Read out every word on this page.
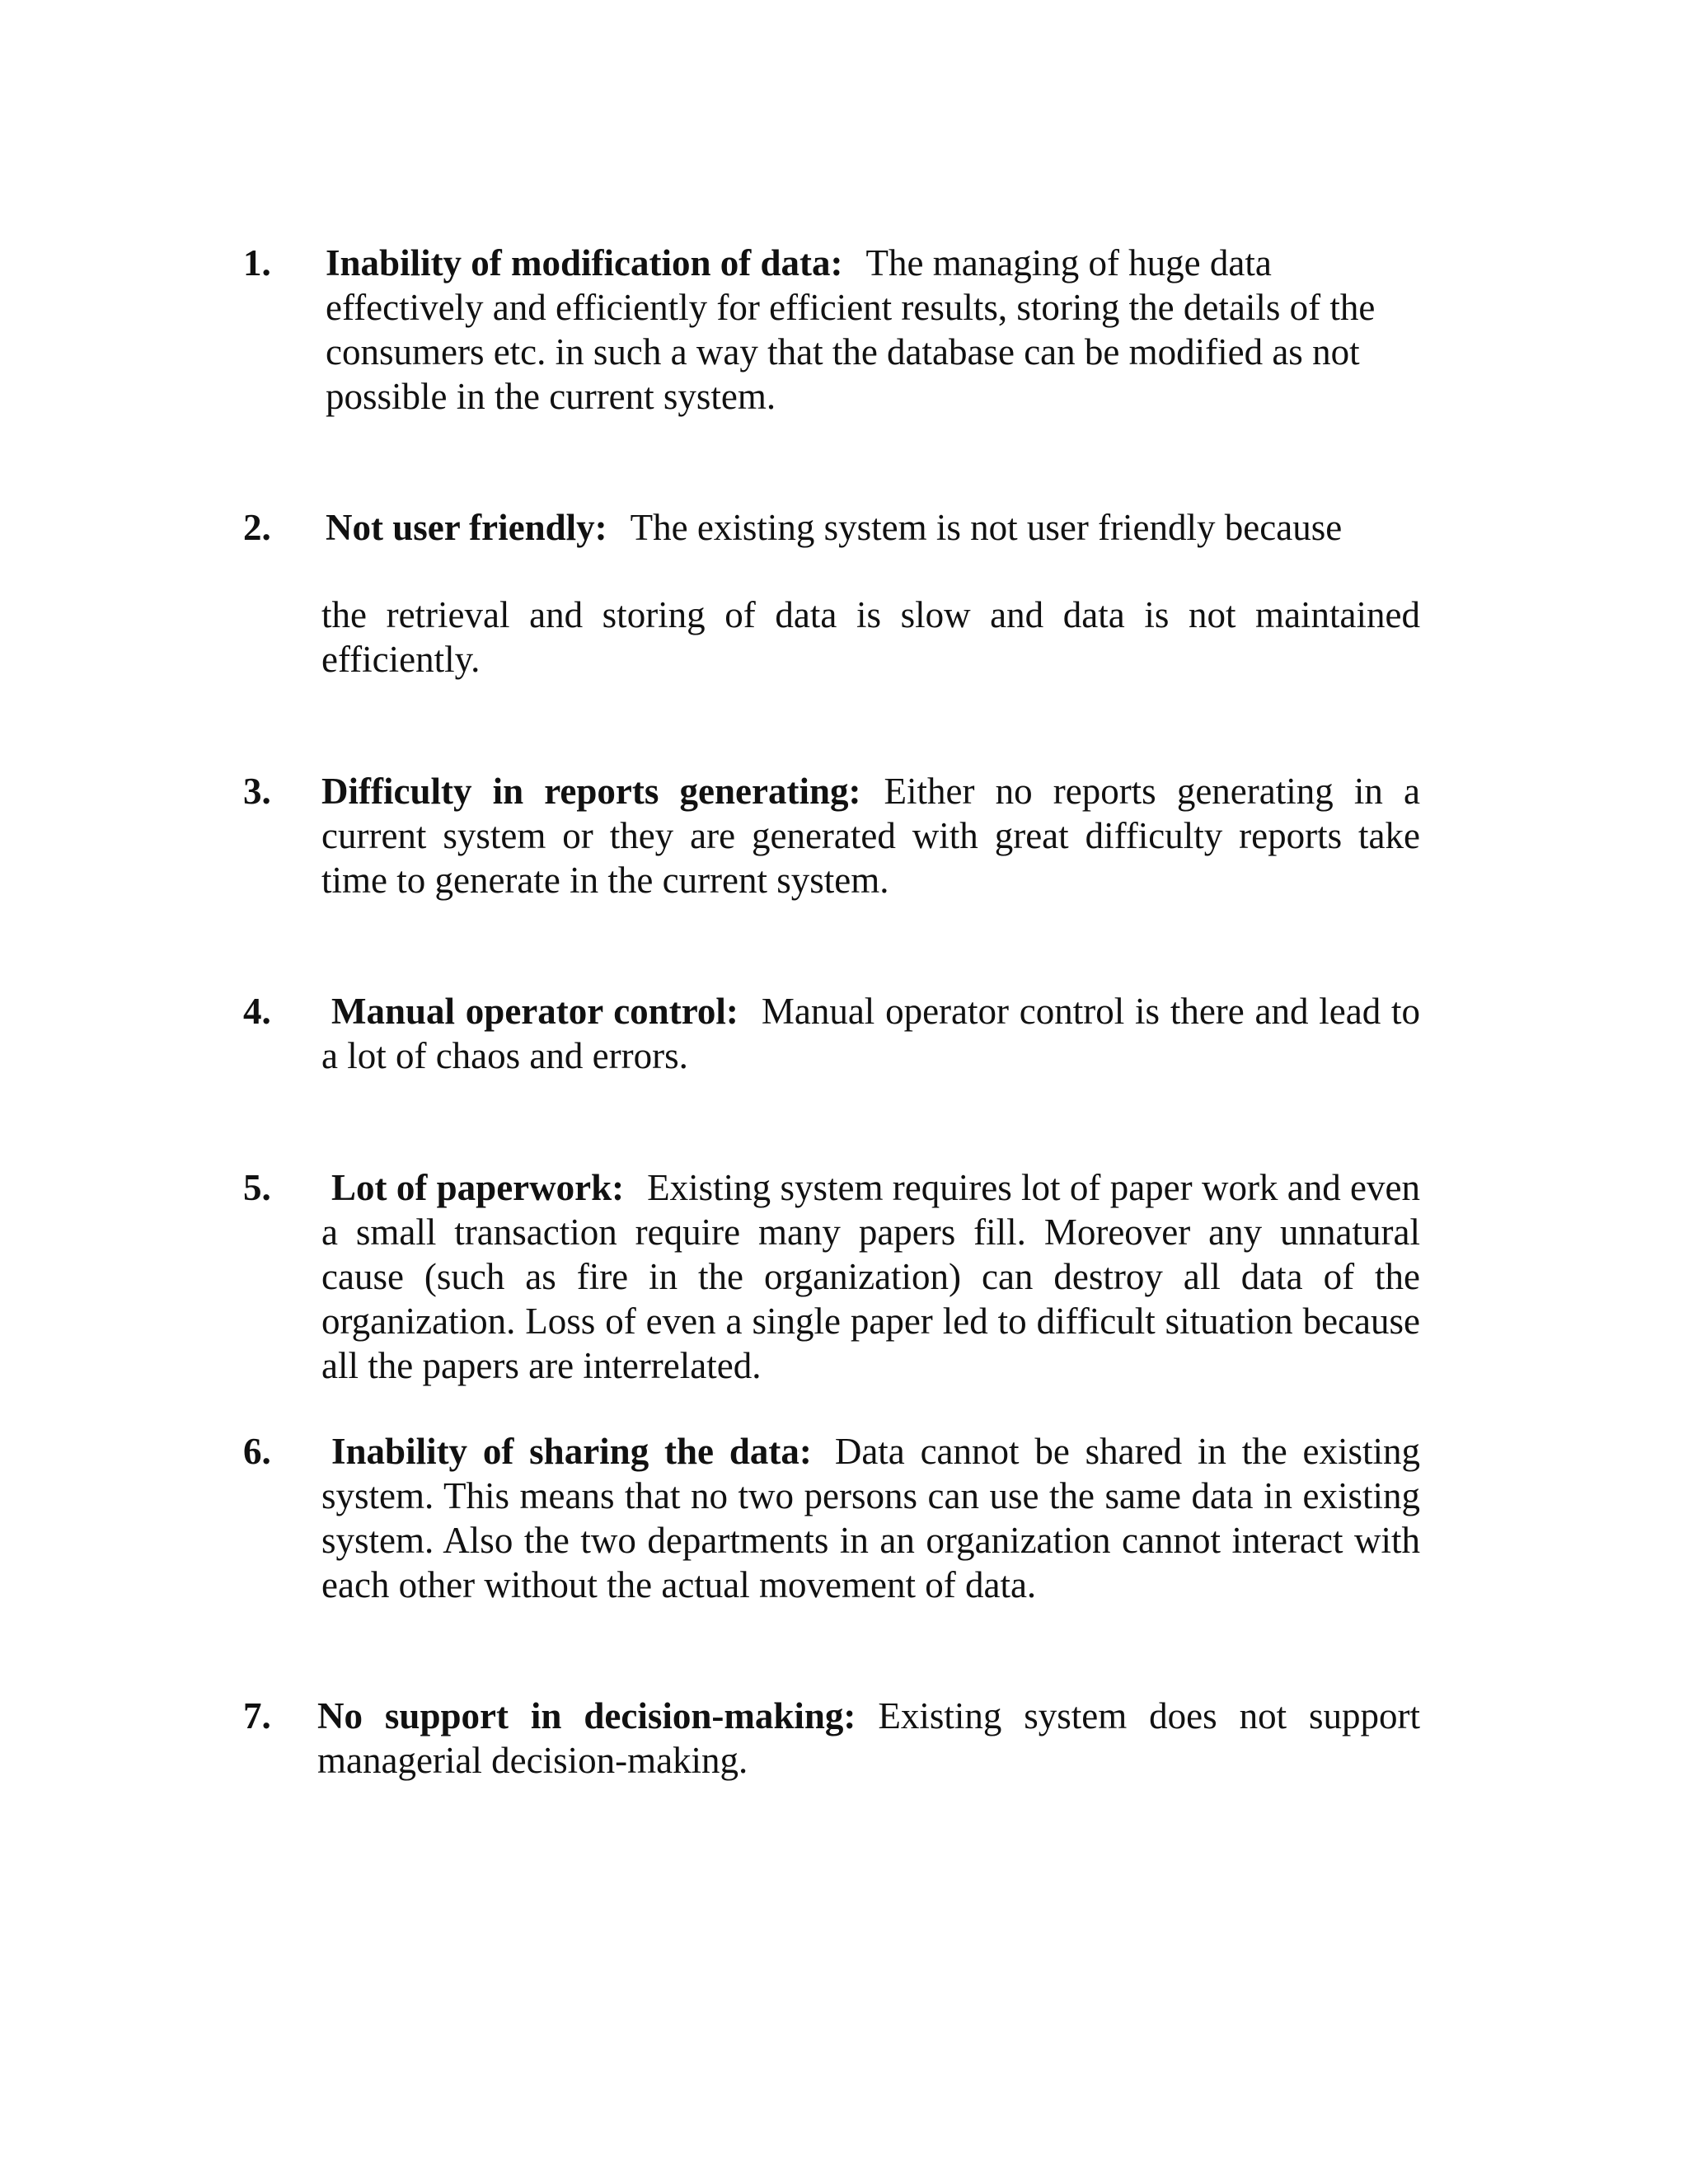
1. Inability of modification of data: The managing of huge data effectively and efficiently for efficient results, storing the details of the consumers etc. in such a way that the database can be modified as not possible in the current system.
2. Not user friendly: The existing system is not user friendly because
the retrieval and storing of data is slow and data is not maintained efficiently.
3. Difficulty in reports generating: Either no reports generating in a current system or they are generated with great difficulty reports take time to generate in the current system.
4. Manual operator control: Manual operator control is there and lead to a lot of chaos and errors.
5. Lot of paperwork: Existing system requires lot of paper work and even a small transaction require many papers fill. Moreover any unnatural cause (such as fire in the organization) can destroy all data of the organization. Loss of even a single paper led to difficult situation because all the papers are interrelated.
6. Inability of sharing the data: Data cannot be shared in the existing system. This means that no two persons can use the same data in existing system. Also the two departments in an organization cannot interact with each other without the actual movement of data.
7. No support in decision-making: Existing system does not support managerial decision-making.
